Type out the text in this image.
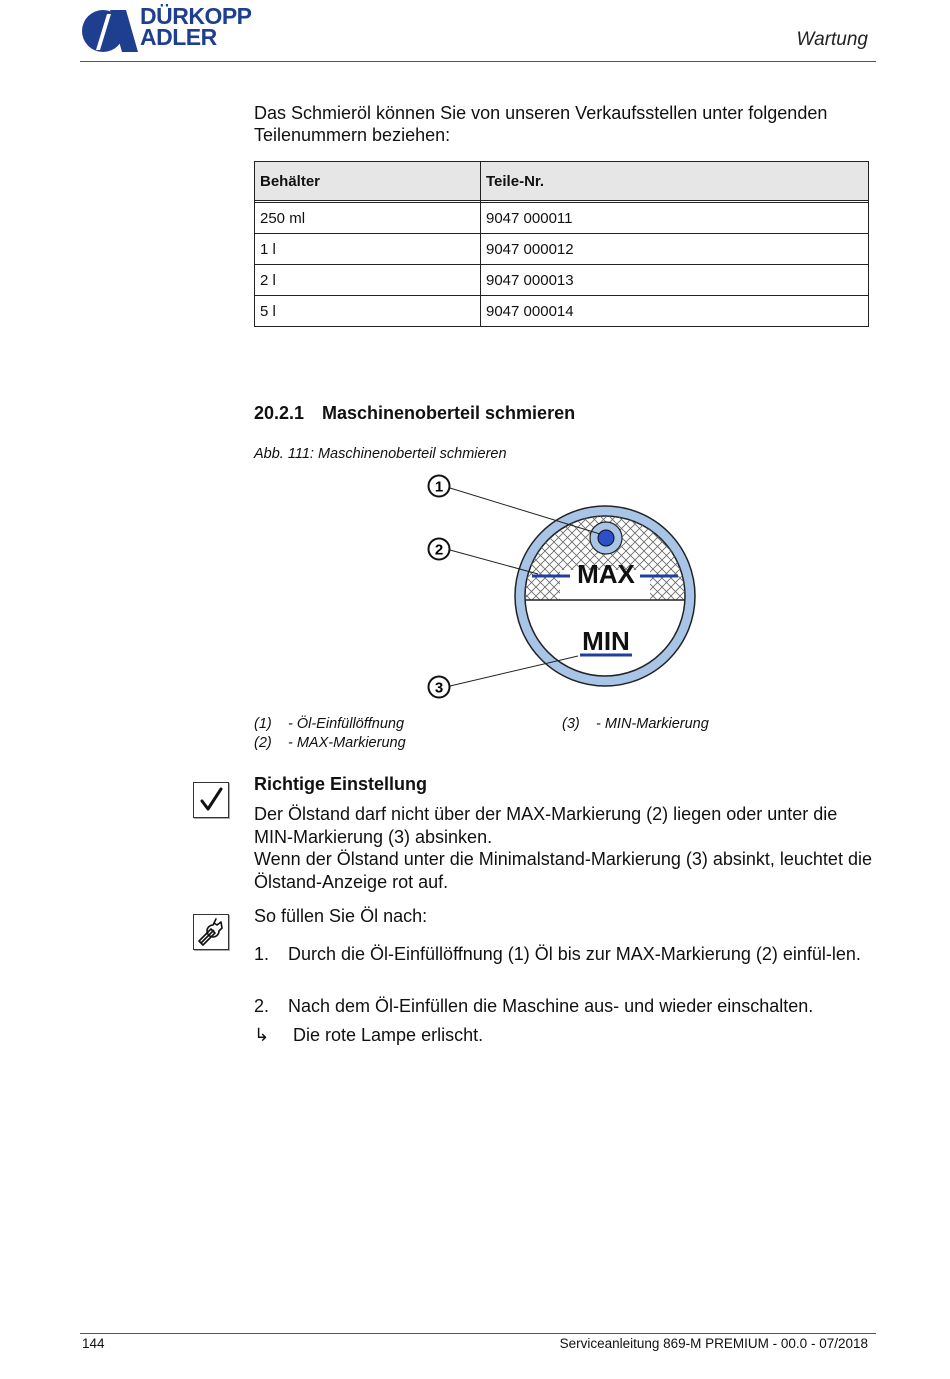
DÜRKOPP
ADLER	Wartung
Das Schmieröl können Sie von unseren Verkaufsstellen unter folgenden Teilenummern beziehen:
Behälter	Teile-Nr.

250 ml	9047 000011
1 l	9047 000012
2 l	9047 000013
5 l	9047 000014
20.2.1 Maschinenoberteil schmieren
Abb. 111: Maschinenoberteil schmieren
MAX
MIN
1
2
3
(1) - Öl-Einfüllöffnung
(2) - MAX-Markierung
(3) - MIN-Markierung
Richtige Einstellung
Der Ölstand darf nicht über der MAX-Markierung (2) liegen oder unter die MIN-Markierung (3) absinken.
Wenn der Ölstand unter die Minimalstand-Markierung (3) absinkt, leuchtet die Ölstand-Anzeige rot auf.
So füllen Sie Öl nach:
1. Durch die Öl-Einfüllöffnung (1) Öl bis zur MAX-Markierung (2) einfül-len.
2. Nach dem Öl-Einfüllen die Maschine aus- und wieder einschalten.
↳ Die rote Lampe erlischt.
144	Serviceanleitung 869-M PREMIUM - 00.0 - 07/2018
